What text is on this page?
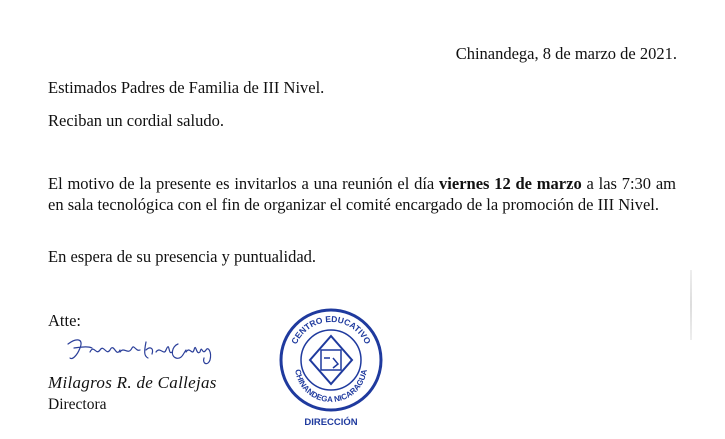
Chinandega, 8 de marzo de 2021.
Estimados Padres de Familia de III Nivel.
Reciban un cordial saludo.
El motivo de la presente es invitarlos a una reunión el día viernes 12 de marzo a las 7:30 am en sala tecnológica con el fin de organizar el comité encargado de la promoción de III Nivel.
En espera de su presencia y puntualidad.
Atte:
Milagros R. de Callejas
Directora
CENTRO EDUCATIVO
CHINANDEGA NICARAGUA
DIRECCIÓN
